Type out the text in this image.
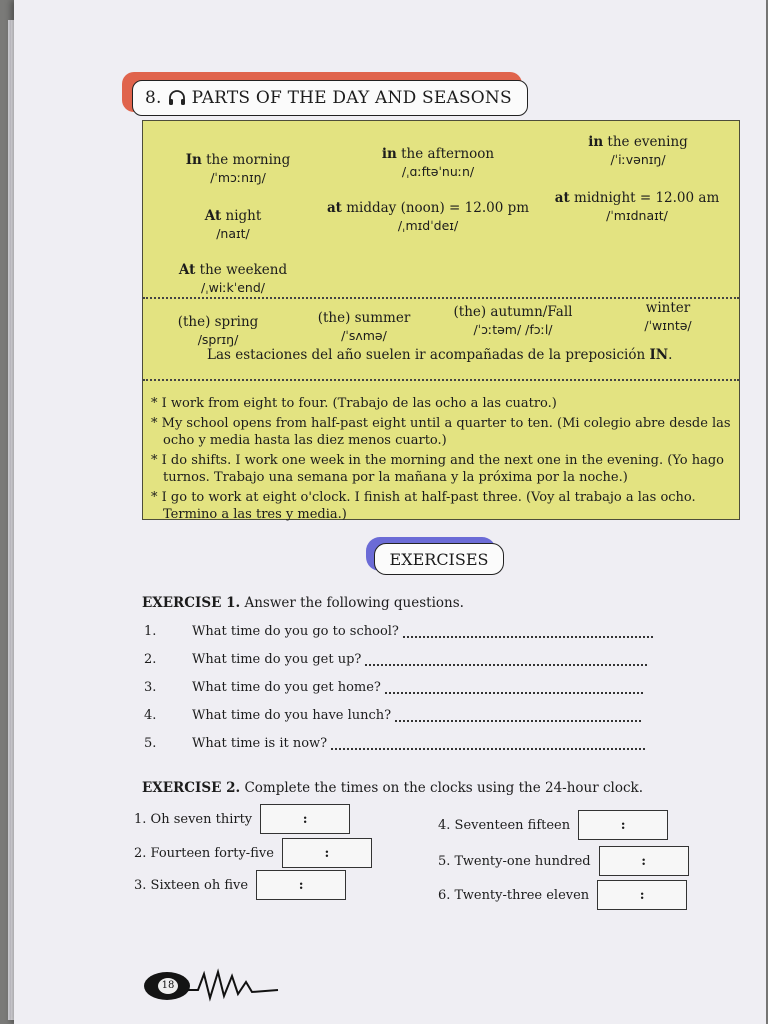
8. PARTS OF THE DAY AND SEASONS
In the morning
/ˈmɔːnɪŋ/
in the afternoon
/ˌɑːftəˈnuːn/
in the evening
/ˈiːvənɪŋ/
At night
/naɪt/
at midday (noon) = 12.00 pm
/ˌmɪdˈdeɪ/
at midnight = 12.00 am
/ˈmɪdnaɪt/
At the weekend
/ˌwiːkˈend/
(the) spring
/sprɪŋ/
(the) summer
/ˈsʌmə/
(the) autumn/Fall
/ˈɔːtəm/ /fɔːl/
winter
/ˈwɪntə/
Las estaciones del año suelen ir acompañadas de la preposición IN.

* I work from eight to four. (Trabajo de las ocho a las cuatro.)

* My school opens from half-past eight until a quarter to ten. (Mi colegio abre desde las ocho y media hasta las diez menos cuarto.)

* I do shifts. I work one week in the morning and the next one in the evening. (Yo hago turnos. Trabajo una semana por la mañana y la próxima por la noche.)

* I go to work at eight o'clock. I finish at half-past three. (Voy al trabajo a las ocho. Termino a las tres y media.)

EXERCISES
EXERCISE 1. Answer the following questions.
1.	What time do you go to school?
2.	What time do you get up?
3.	What time do you get home?
4.	What time do you have lunch?
5.	What time is it now?
EXERCISE 2. Complete the times on the clocks using the 24-hour clock.
1. Oh seven thirty	:
2. Fourteen forty-five	:
3. Sixteen oh five	:
4. Seventeen fifteen	:
5. Twenty-one hundred	:
6. Twenty-three eleven	:
18
